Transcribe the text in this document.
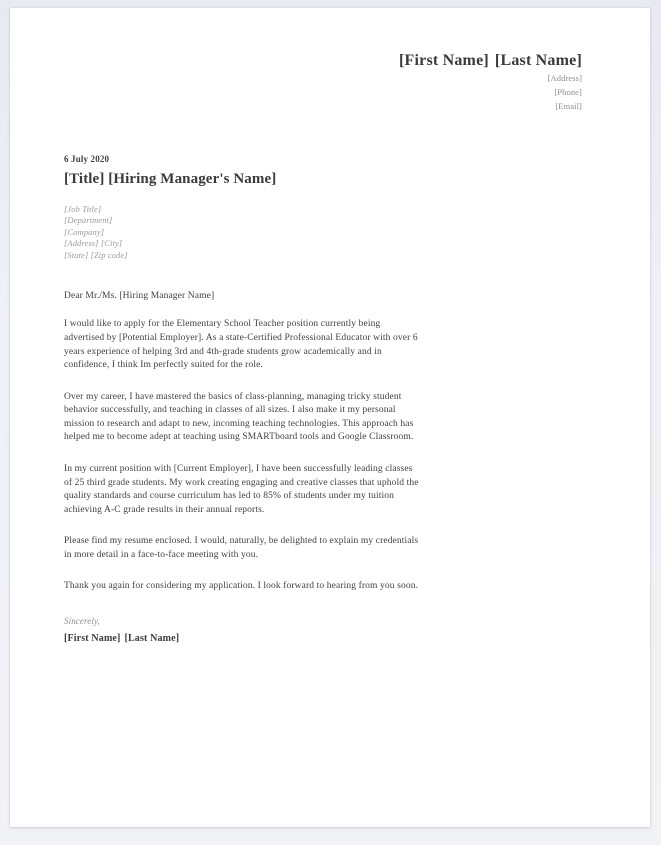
[First Name] [Last Name]
[Address]
[Phone]
[Email]
6 July 2020
[Title] [Hiring Manager's Name]
[Job Title]
[Department]
[Company]
[Address] [City]
[State] [Zip code]
Dear Mr./Ms. [Hiring Manager Name]

I would like to apply for the Elementary School Teacher position currently being advertised by [Potential Employer]. As a state-Certified Professional Educator with over 6 years experience of helping 3rd and 4th-grade students grow academically and in confidence, I think Im perfectly suited for the role.

Over my career, I have mastered the basics of class-planning, managing tricky student behavior successfully, and teaching in classes of all sizes. I also make it my personal mission to research and adapt to new, incoming teaching technologies. This approach has helped me to become adept at teaching using SMARTboard tools and Google Classroom.

In my current position with [Current Employer], I have been successfully leading classes of 25 third grade students. My work creating engaging and creative classes that uphold the quality standards and course curriculum has led to 85% of students under my tuition achieving A-C grade results in their annual reports.

Please find my resume enclosed. I would, naturally, be delighted to explain my credentials in more detail in a face-to-face meeting with you.

Thank you again for considering my application. I look forward to hearing from you soon.

Sincerely,
[First Name] [Last Name]
